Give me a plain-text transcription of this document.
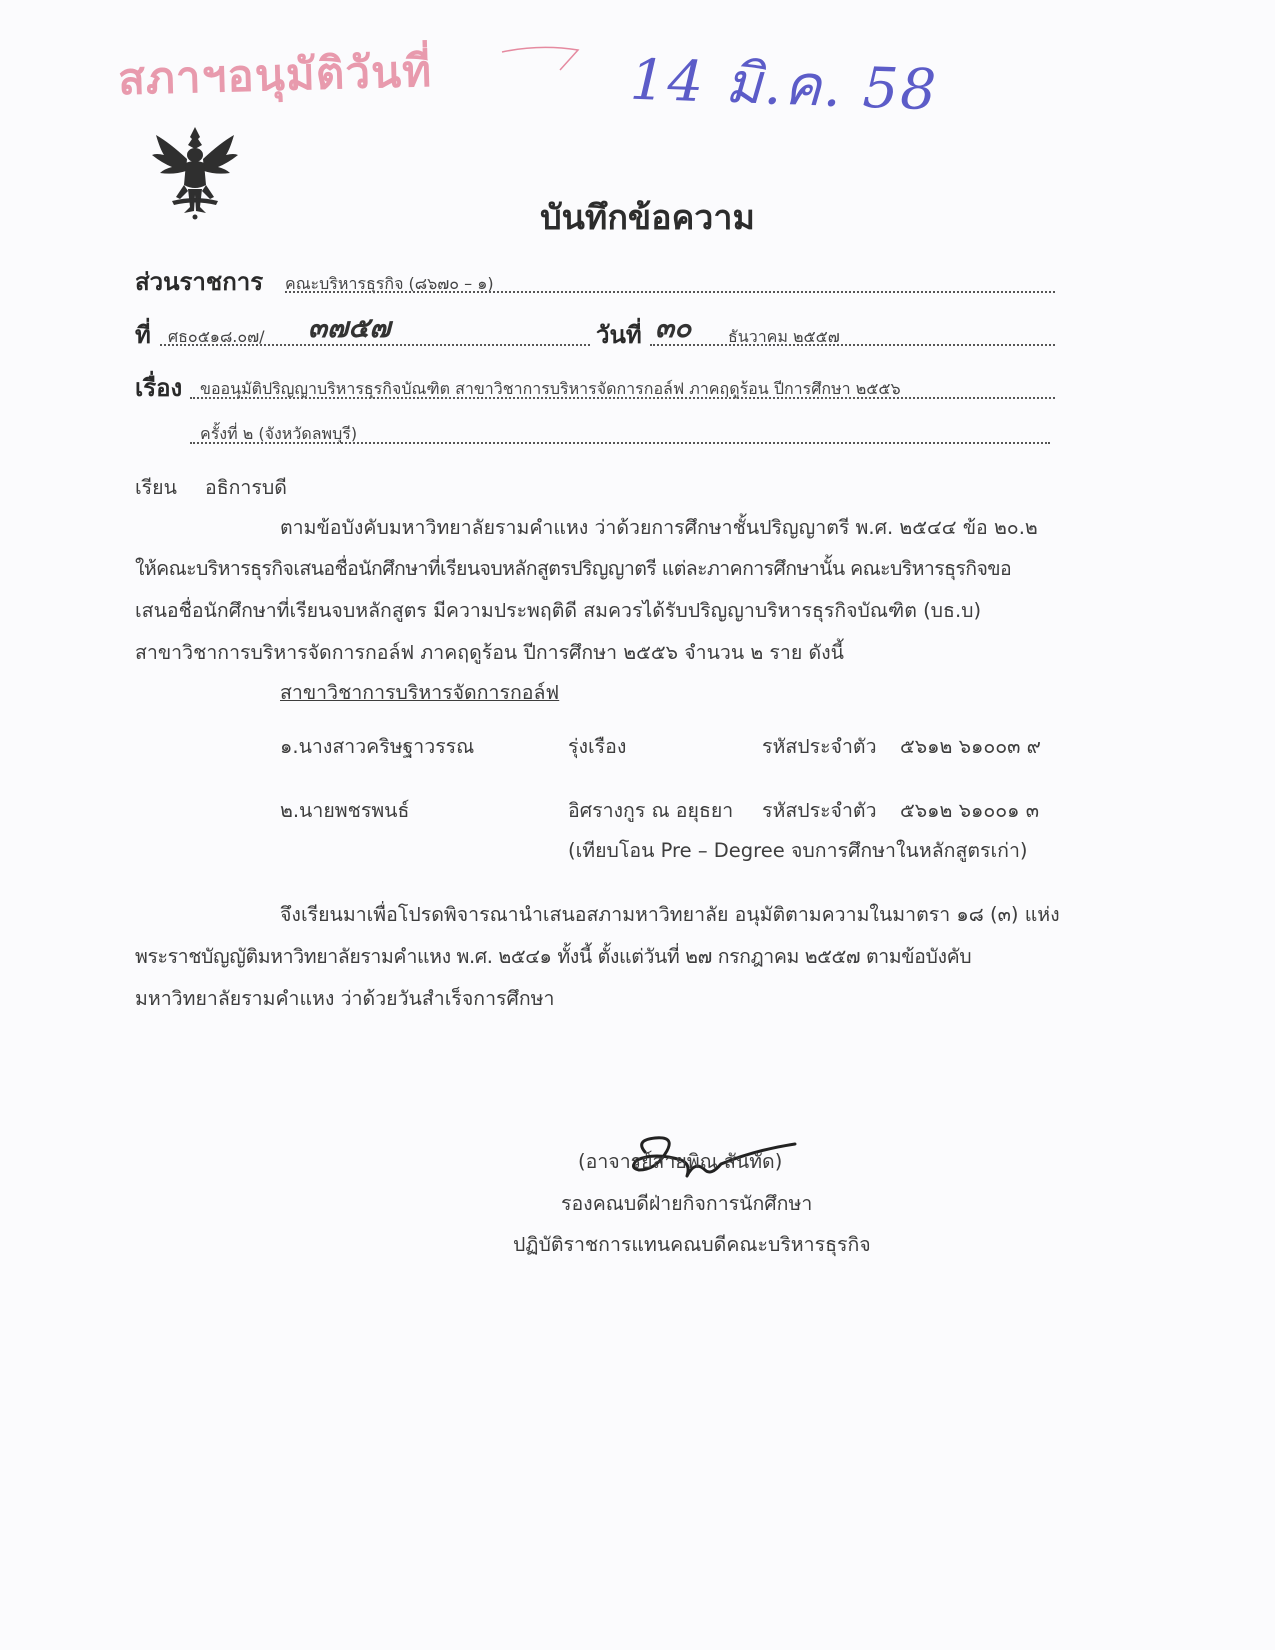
สภาฯอนุมัติวันที่	14 มิ.ค. 58
บันทึกข้อความ
ส่วนราชการ คณะบริหารธุรกิจ (๘๖๗๐ – ๑)
ที่ ศธ๐๕๑๘.๐๗/ ๓๗๕๗	วันที่ ๓๐ ธันวาคม ๒๕๕๗
เรื่อง ขออนุมัติปริญญาบริหารธุรกิจบัณฑิต สาขาวิชาการบริหารจัดการกอล์ฟ ภาคฤดูร้อน ปีการศึกษา ๒๕๕๖
ครั้งที่ ๒ (จังหวัดลพบุรี)
เรียน อธิการบดี
ตามข้อบังคับมหาวิทยาลัยรามคำแหง ว่าด้วยการศึกษาชั้นปริญญาตรี พ.ศ. ๒๕๔๔ ข้อ ๒๐.๒
ให้คณะบริหารธุรกิจเสนอชื่อนักศึกษาที่เรียนจบหลักสูตรปริญญาตรี แต่ละภาคการศึกษานั้น คณะบริหารธุรกิจขอ
เสนอชื่อนักศึกษาที่เรียนจบหลักสูตร มีความประพฤติดี สมควรได้รับปริญญาบริหารธุรกิจบัณฑิต (บธ.บ)
สาขาวิชาการบริหารจัดการกอล์ฟ ภาคฤดูร้อน ปีการศึกษา ๒๕๕๖ จำนวน ๒ ราย ดังนี้
สาขาวิชาการบริหารจัดการกอล์ฟ
๑.นางสาวคริษฐาวรรณ	รุ่งเรือง	รหัสประจำตัว ๕๖๑๒ ๖๑๐๐๓ ๙
๒.นายพชรพนธ์	อิศรางกูร ณ อยุธยา รหัสประจำตัว ๕๖๑๒ ๖๑๐๐๑ ๓
(เทียบโอน Pre – Degree จบการศึกษาในหลักสูตรเก่า)
จึงเรียนมาเพื่อโปรดพิจารณานำเสนอสภามหาวิทยาลัย อนุมัติตามความในมาตรา ๑๘ (๓) แห่ง
พระราชบัญญัติมหาวิทยาลัยรามคำแหง พ.ศ. ๒๕๔๑ ทั้งนี้ ตั้งแต่วันที่ ๒๗ กรกฎาคม ๒๕๕๗ ตามข้อบังคับ
มหาวิทยาลัยรามคำแหง ว่าด้วยวันสำเร็จการศึกษา
(อาจารย์สายพิณ สันทัด)
รองคณบดีฝ่ายกิจการนักศึกษา
ปฏิบัติราชการแทนคณบดีคณะบริหารธุรกิจ
